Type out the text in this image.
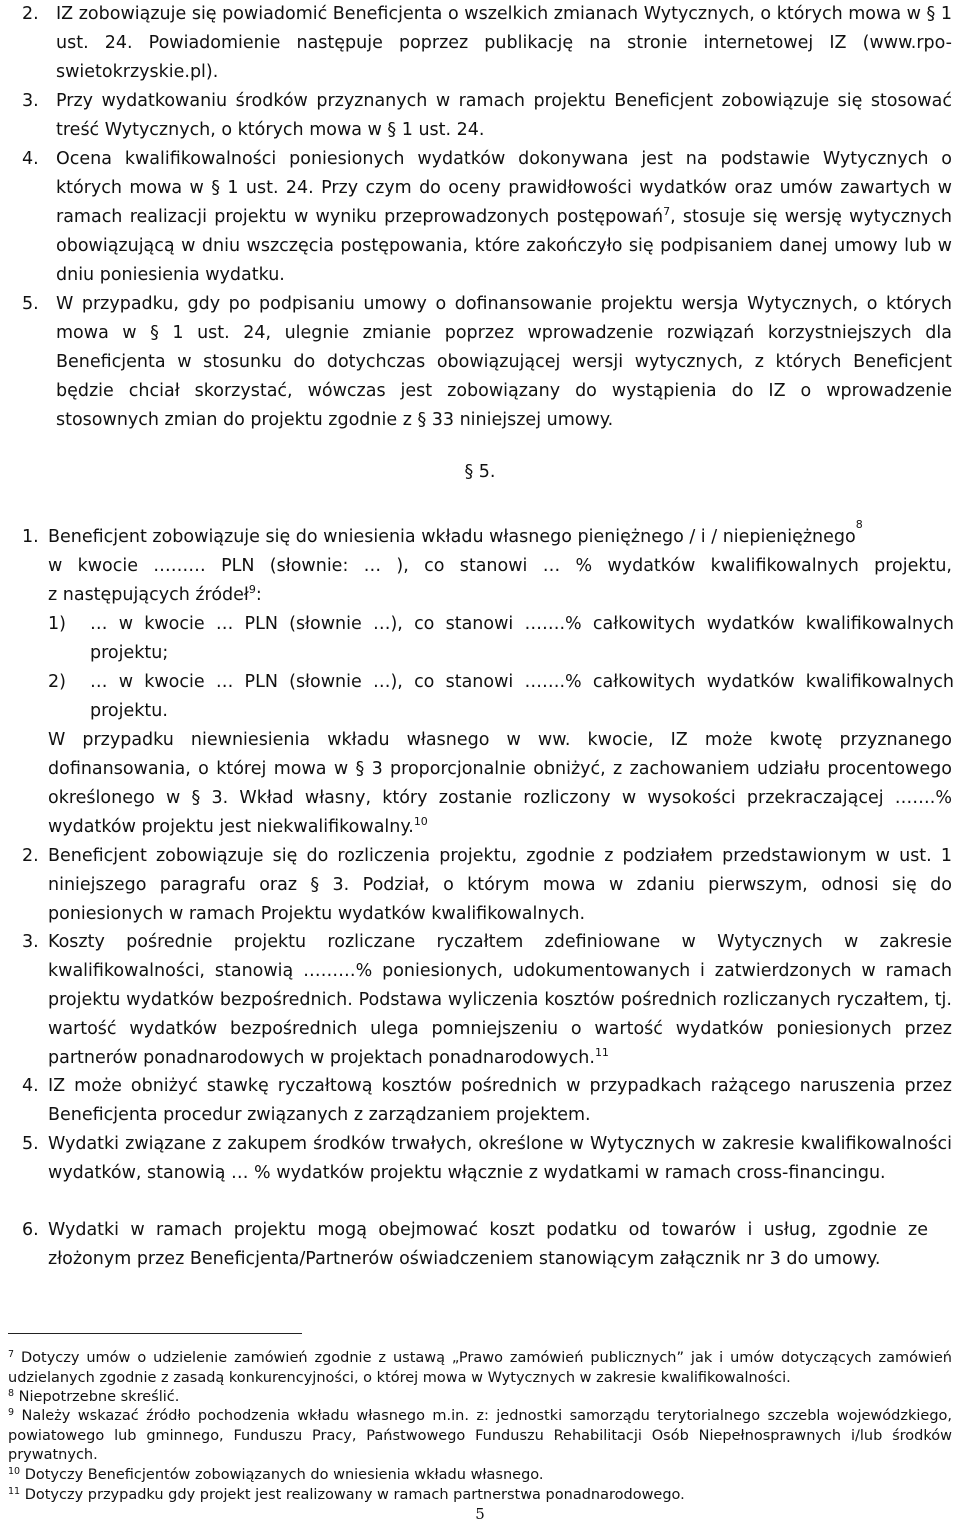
2. IZ zobowiązuje się powiadomić Beneficjenta o wszelkich zmianach Wytycznych, o których mowa w § 1 ust. 24. Powiadomienie następuje poprzez publikację na stronie internetowej IZ (www.rpo-swietokrzyskie.pl).
3. Przy wydatkowaniu środków przyznanych w ramach projektu Beneficjent zobowiązuje się stosować treść Wytycznych, o których mowa w § 1 ust. 24.
4. Ocena kwalifikowalności poniesionych wydatków dokonywana jest na podstawie Wytycznych o których mowa w § 1 ust. 24. Przy czym do oceny prawidłowości wydatków oraz umów zawartych w ramach realizacji projektu w wyniku przeprowadzonych postępowań$^7$, stosuje się wersję wytycznych obowiązującą w dniu wszczęcia postępowania, które zakończyło się podpisaniem danej umowy lub w dniu poniesienia wydatku.
5. W przypadku, gdy po podpisaniu umowy o dofinansowanie projektu wersja Wytycznych, o których mowa w § 1 ust. 24, ulegnie zmianie poprzez wprowadzenie rozwiązań korzystniejszych dla Beneficjenta w stosunku do dotychczas obowiązującej wersji wytycznych, z których Beneficjent będzie chciał skorzystać, wówczas jest zobowiązany do wystąpienia do IZ o wprowadzenie stosownych zmian do projektu zgodnie z § 33 niniejszej umowy.
§ 5.
1. Beneficjent zobowiązuje się do wniesienia wkładu własnego pieniężnego / i / niepieniężnego$^8$
w kwocie ……… PLN (słownie: … ), co stanowi … % wydatków kwalifikowalnych projektu,
z następujących źródeł$^9$:
1) … w kwocie … PLN (słownie …), co stanowi …….% całkowitych wydatków kwalifikowalnych projektu;
2) … w kwocie … PLN (słownie …), co stanowi …….% całkowitych wydatków kwalifikowalnych projektu.
W przypadku niewniesienia wkładu własnego w ww. kwocie, IZ może kwotę przyznanego dofinansowania, o której mowa w § 3 proporcjonalnie obniżyć, z zachowaniem udziału procentowego określonego w § 3. Wkład własny, który zostanie rozliczony w wysokości przekraczającej …….% wydatków projektu jest niekwalifikowalny.$^{10}$
2. Beneficjent zobowiązuje się do rozliczenia projektu, zgodnie z podziałem przedstawionym w ust. 1 niniejszego paragrafu oraz § 3. Podział, o którym mowa w zdaniu pierwszym, odnosi się do poniesionych w ramach Projektu wydatków kwalifikowalnych.
3. Koszty pośrednie projektu rozliczane ryczałtem zdefiniowane w Wytycznych w zakresie kwalifikowalności, stanowią ………% poniesionych, udokumentowanych i zatwierdzonych w ramach projektu wydatków bezpośrednich. Podstawa wyliczenia kosztów pośrednich rozliczanych ryczałtem, tj. wartość wydatków bezpośrednich ulega pomniejszeniu o wartość wydatków poniesionych przez partnerów ponadnarodowych w projektach ponadnarodowych.$^{11}$
4. IZ może obniżyć stawkę ryczałtową kosztów pośrednich w przypadkach rażącego naruszenia przez Beneficjenta procedur związanych z zarządzaniem projektem.
5. Wydatki związane z zakupem środków trwałych, określone w Wytycznych w zakresie kwalifikowalności wydatków, stanowią … % wydatków projektu włącznie z wydatkami w ramach cross-financingu.
6. Wydatki w ramach projektu mogą obejmować koszt podatku od towarów i usług, zgodnie ze złożonym przez Beneficjenta/Partnerów oświadczeniem stanowiącym załącznik nr 3 do umowy.
$^7$ Dotyczy umów o udzielenie zamówień zgodnie z ustawą „Prawo zamówień publicznych” jak i umów dotyczących zamówień udzielanych zgodnie z zasadą konkurencyjności, o której mowa w Wytycznych w zakresie kwalifikowalności.
$^8$ Niepotrzebne skreślić.
$^9$ Należy wskazać źródło pochodzenia wkładu własnego m.in. z: jednostki samorządu terytorialnego szczebla wojewódzkiego, powiatowego lub gminnego, Funduszu Pracy, Państwowego Funduszu Rehabilitacji Osób Niepełnosprawnych i/lub środków prywatnych.
$^{10}$ Dotyczy Beneficjentów zobowiązanych do wniesienia wkładu własnego.
$^{11}$ Dotyczy przypadku gdy projekt jest realizowany w ramach partnerstwa ponadnarodowego.
5
